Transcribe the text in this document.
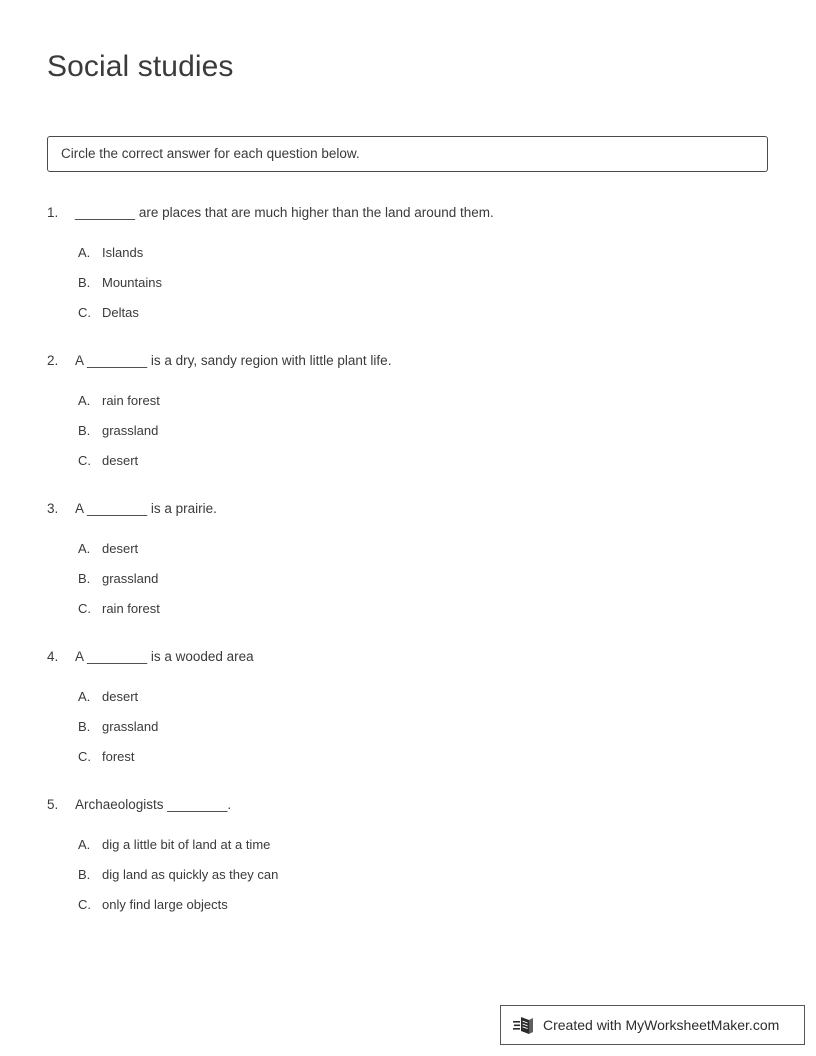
Social studies
Circle the correct answer for each question below.
1.	________ are places that are much higher than the land around them.
A. Islands
B. Mountains
C. Deltas
2.	A ________ is a dry, sandy region with little plant life.
A. rain forest
B. grassland
C. desert
3.	A ________ is a prairie.
A. desert
B. grassland
C. rain forest
4.	A ________ is a wooded area
A. desert
B. grassland
C. forest
5.	Archaeologists ________.
A. dig a little bit of land at a time
B. dig land as quickly as they can
C. only find large objects
Created with MyWorksheetMaker.com
